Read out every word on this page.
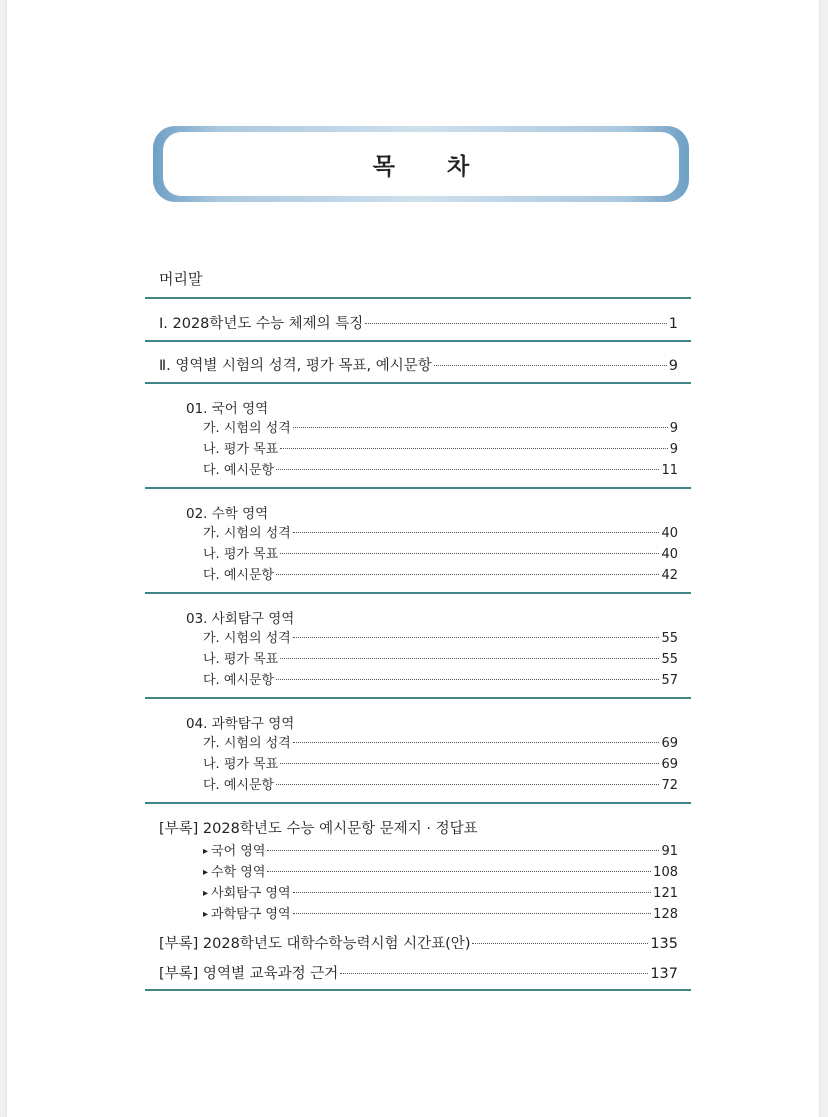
목 차
머리말
Ⅰ. 2028학년도 수능 체제의 특징	1
Ⅱ. 영역별 시험의 성격, 평가 목표, 예시문항	9
01. 국어 영역
가. 시험의 성격	9
나. 평가 목표	9
다. 예시문항	11
02. 수학 영역
가. 시험의 성격	40
나. 평가 목표	40
다. 예시문항	42
03. 사회탐구 영역
가. 시험의 성격	55
나. 평가 목표	55
다. 예시문항	57
04. 과학탐구 영역
가. 시험의 성격	69
나. 평가 목표	69
다. 예시문항	72
[부록] 2028학년도 수능 예시문항 문제지 · 정답표
▸ 국어 영역	91
▸ 수학 영역	108
▸ 사회탐구 영역	121
▸ 과학탐구 영역	128
[부록] 2028학년도 대학수학능력시험 시간표(안)	135
[부록] 영역별 교육과정 근거	137
